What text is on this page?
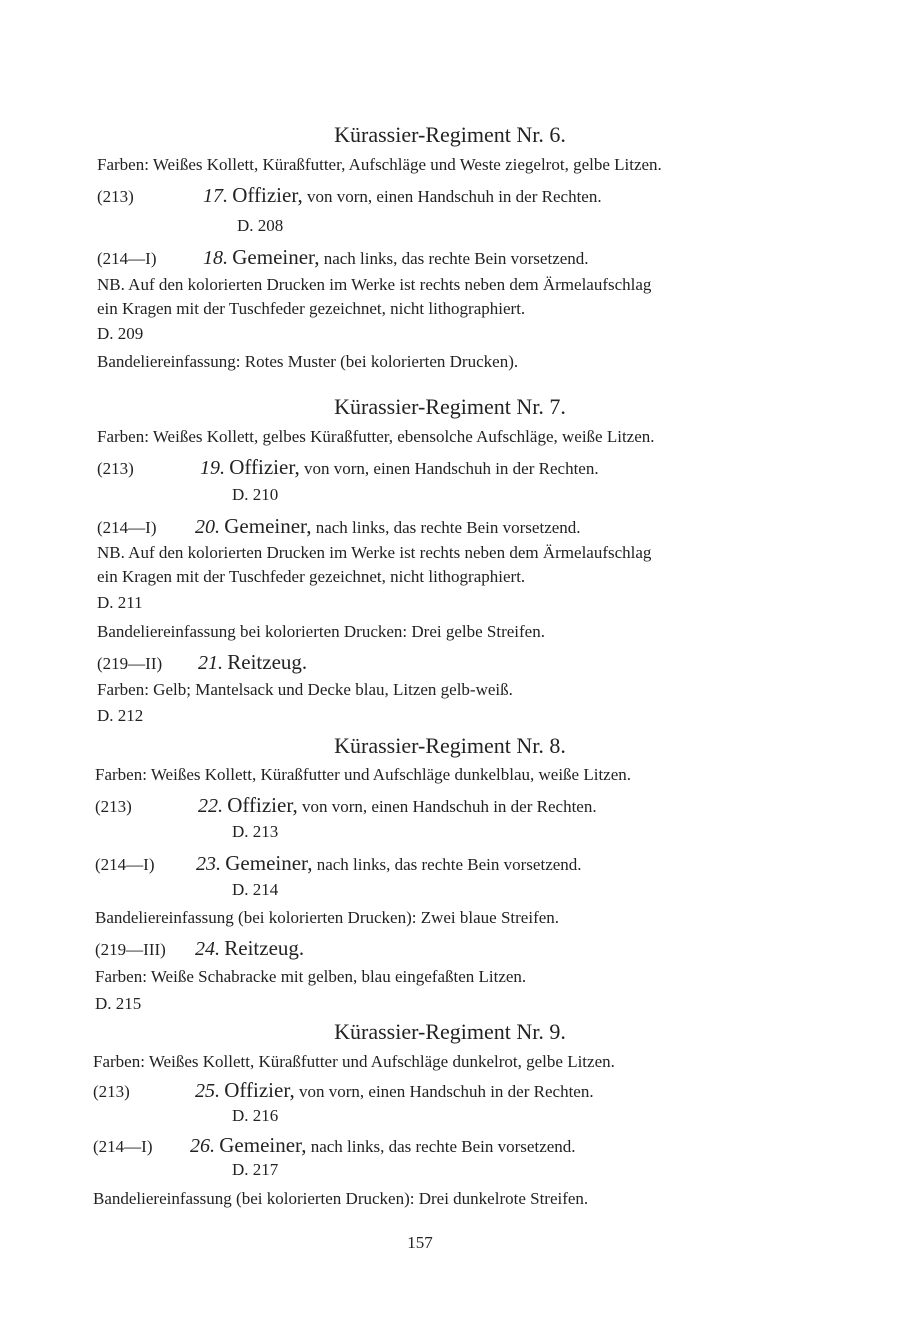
Kürassier-Regiment Nr. 6.
Farben: Weißes Kollett, Küraßfutter, Aufschläge und Weste ziegelrot, gelbe Litzen.
(213)	17. Offizier, von vorn, einen Handschuh in der Rechten.
D. 208
(214—I) 18. Gemeiner, nach links, das rechte Bein vorsetzend.
NB. Auf den kolorierten Drucken im Werke ist rechts neben dem Ärmelaufschlag
ein Kragen mit der Tuschfeder gezeichnet, nicht lithographiert.
D. 209
Bandeliereinfassung: Rotes Muster (bei kolorierten Drucken).
Kürassier-Regiment Nr. 7.
Farben: Weißes Kollett, gelbes Küraßfutter, ebensolche Aufschläge, weiße Litzen.
(213)	19. Offizier, von vorn, einen Handschuh in der Rechten.
D. 210
(214—I) 20. Gemeiner, nach links, das rechte Bein vorsetzend.
NB. Auf den kolorierten Drucken im Werke ist rechts neben dem Ärmelaufschlag
ein Kragen mit der Tuschfeder gezeichnet, nicht lithographiert.
D. 211
Bandeliereinfassung bei kolorierten Drucken: Drei gelbe Streifen.
(219—II) 21. Reitzeug.
Farben: Gelb; Mantelsack und Decke blau, Litzen gelb-weiß.
D. 212
Kürassier-Regiment Nr. 8.
Farben: Weißes Kollett, Küraßfutter und Aufschläge dunkelblau, weiße Litzen.
(213)	22. Offizier, von vorn, einen Handschuh in der Rechten.
D. 213
(214—I) 23. Gemeiner, nach links, das rechte Bein vorsetzend.
D. 214
Bandeliereinfassung (bei kolorierten Drucken): Zwei blaue Streifen.
(219—III) 24. Reitzeug.
Farben: Weiße Schabracke mit gelben, blau eingefaßten Litzen.
D. 215
Kürassier-Regiment Nr. 9.
Farben: Weißes Kollett, Küraßfutter und Aufschläge dunkelrot, gelbe Litzen.
(213)	25. Offizier, von vorn, einen Handschuh in der Rechten.
D. 216
(214—I) 26. Gemeiner, nach links, das rechte Bein vorsetzend.
D. 217
Bandeliereinfassung (bei kolorierten Drucken): Drei dunkelrote Streifen.
157
